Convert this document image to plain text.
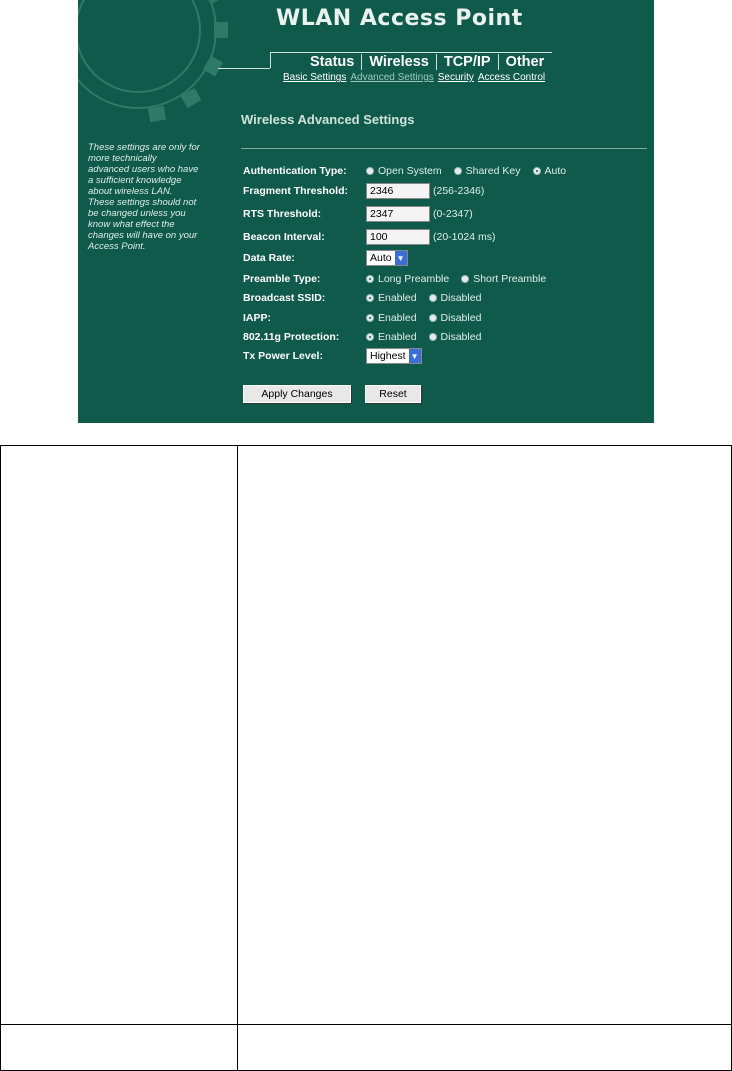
WLAN Access Point
Status	Wireless	TCP/IP	Other
Basic Settings Advanced Settings Security Access Control
Wireless Advanced Settings
These settings are only for more technically advanced users who have a sufficient knowledge about wireless LAN. These settings should not be changed unless you know what effect the changes will have on your Access Point.
Authentication Type:	Open System Shared Key Auto
Fragment Threshold:	2346	(256-2346)
RTS Threshold:	2347	(0-2347)
Beacon Interval:	100	(20-1024 ms)
Data Rate:	Auto ▼
Preamble Type:	Long Preamble Short Preamble
Broadcast SSID:	Enabled Disabled
IAPP:	Enabled Disabled
802.11g Protection:	Enabled Disabled
Tx Power Level:	Highest ▼
Apply Changes	Reset
